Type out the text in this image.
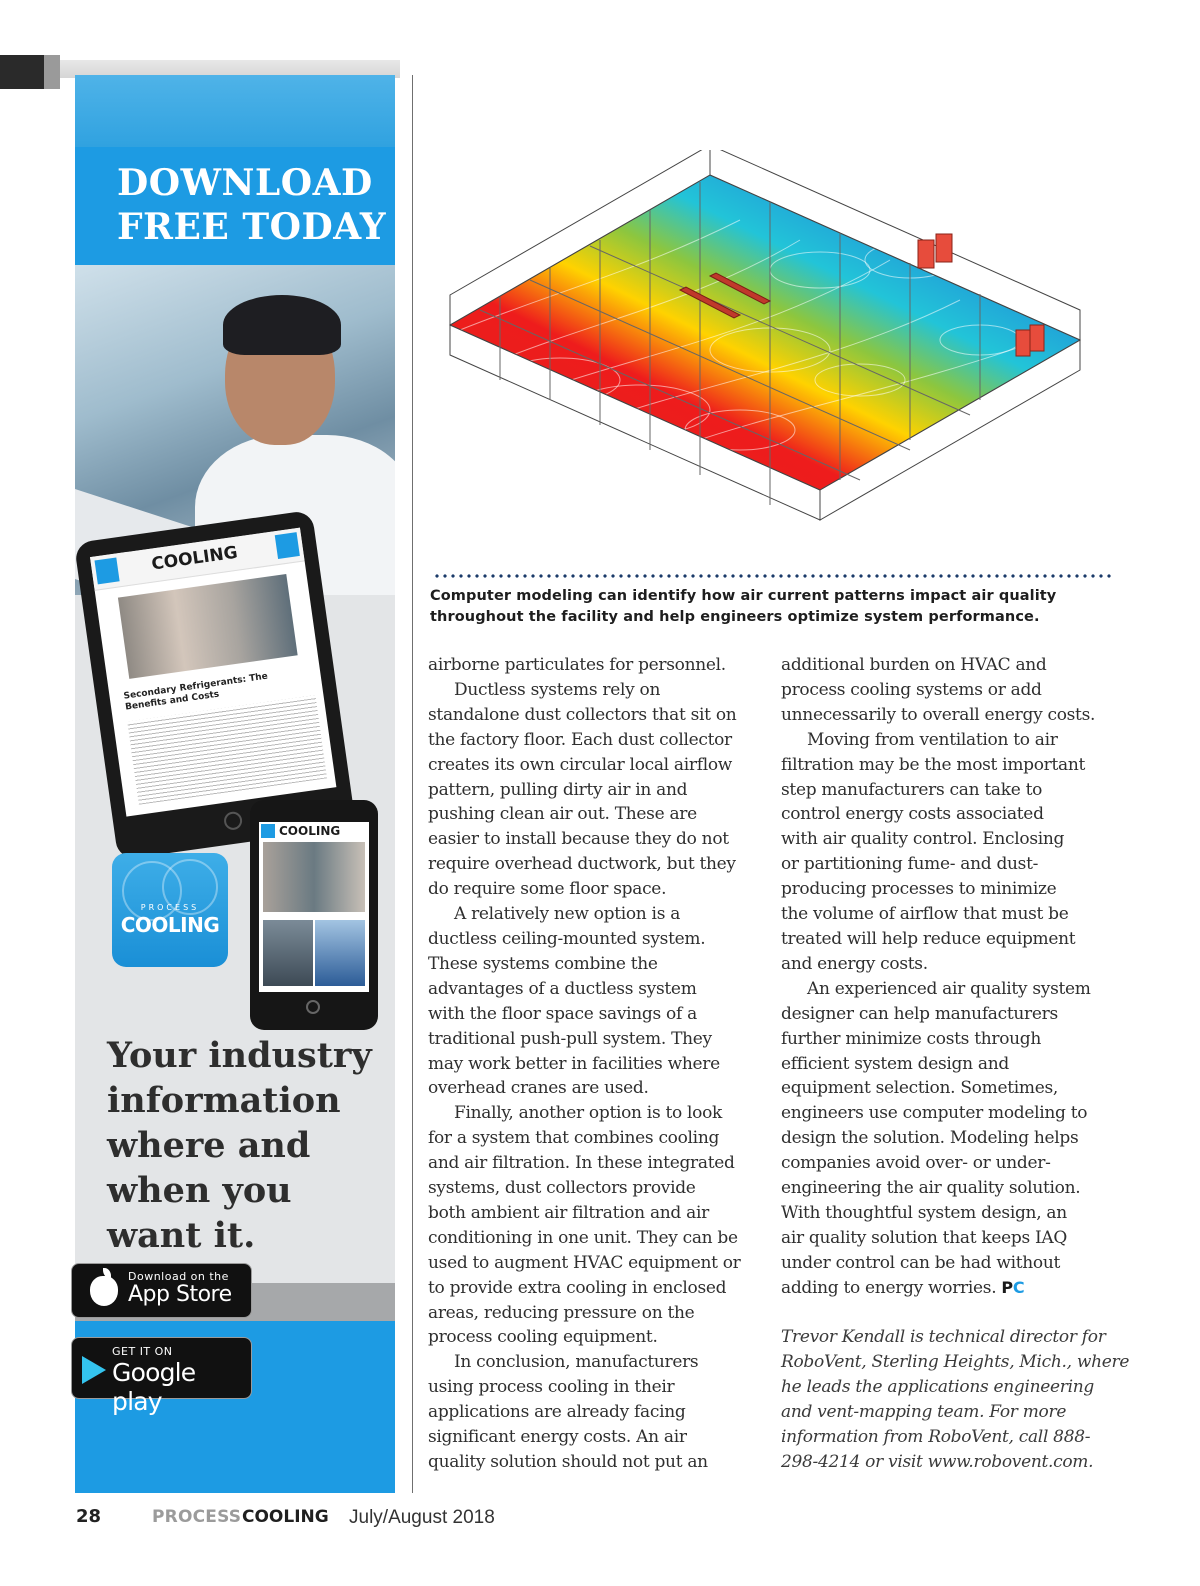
DOWNLOAD
FREE TODAY
COOLING
Secondary Refrigerants: The Benefits and Costs
PROCESS
COOLING
COOLING
Your industry
information
where and
when you
want it.
Download on the
App Store
GET IT ON
Google play
Computer modeling can identify how air current patterns impact air quality throughout the facility and help engineers optimize system performance.

airborne particulates for personnel.

Ductless systems rely on

standalone dust collectors that sit on

the factory floor. Each dust collector

creates its own circular local airflow

pattern, pulling dirty air in and

pushing clean air out. These are

easier to install because they do not

require overhead ductwork, but they

do require some floor space.

A relatively new option is a

ductless ceiling-mounted system.

These systems combine the

advantages of a ductless system

with the floor space savings of a

traditional push-pull system. They

may work better in facilities where

overhead cranes are used.

Finally, another option is to look

for a system that combines cooling

and air filtration. In these integrated

systems, dust collectors provide

both ambient air filtration and air

conditioning in one unit. They can be

used to augment HVAC equipment or

to provide extra cooling in enclosed

areas, reducing pressure on the

process cooling equipment.

In conclusion, manufacturers

using process cooling in their

applications are already facing

significant energy costs. An air

quality solution should not put an

additional burden on HVAC and

process cooling systems or add

unnecessarily to overall energy costs.

Moving from ventilation to air

filtration may be the most important

step manufacturers can take to

control energy costs associated

with air quality control. Enclosing

or partitioning fume- and dust-

producing processes to minimize

the volume of airflow that must be

treated will help reduce equipment

and energy costs.

An experienced air quality system

designer can help manufacturers

further minimize costs through

efficient system design and

equipment selection. Sometimes,

engineers use computer modeling to

design the solution. Modeling helps

companies avoid over- or under-

engineering the air quality solution.

With thoughtful system design, an

air quality solution that keeps IAQ

under control can be had without

adding to energy worries. PC

Trevor Kendall is technical director for

RoboVent, Sterling Heights, Mich., where

he leads the applications engineering

and vent-mapping team. For more

information from RoboVent, call 888-

298-4214 or visit www.robovent.com.

28	PROCESS COOLING July/August 2018
